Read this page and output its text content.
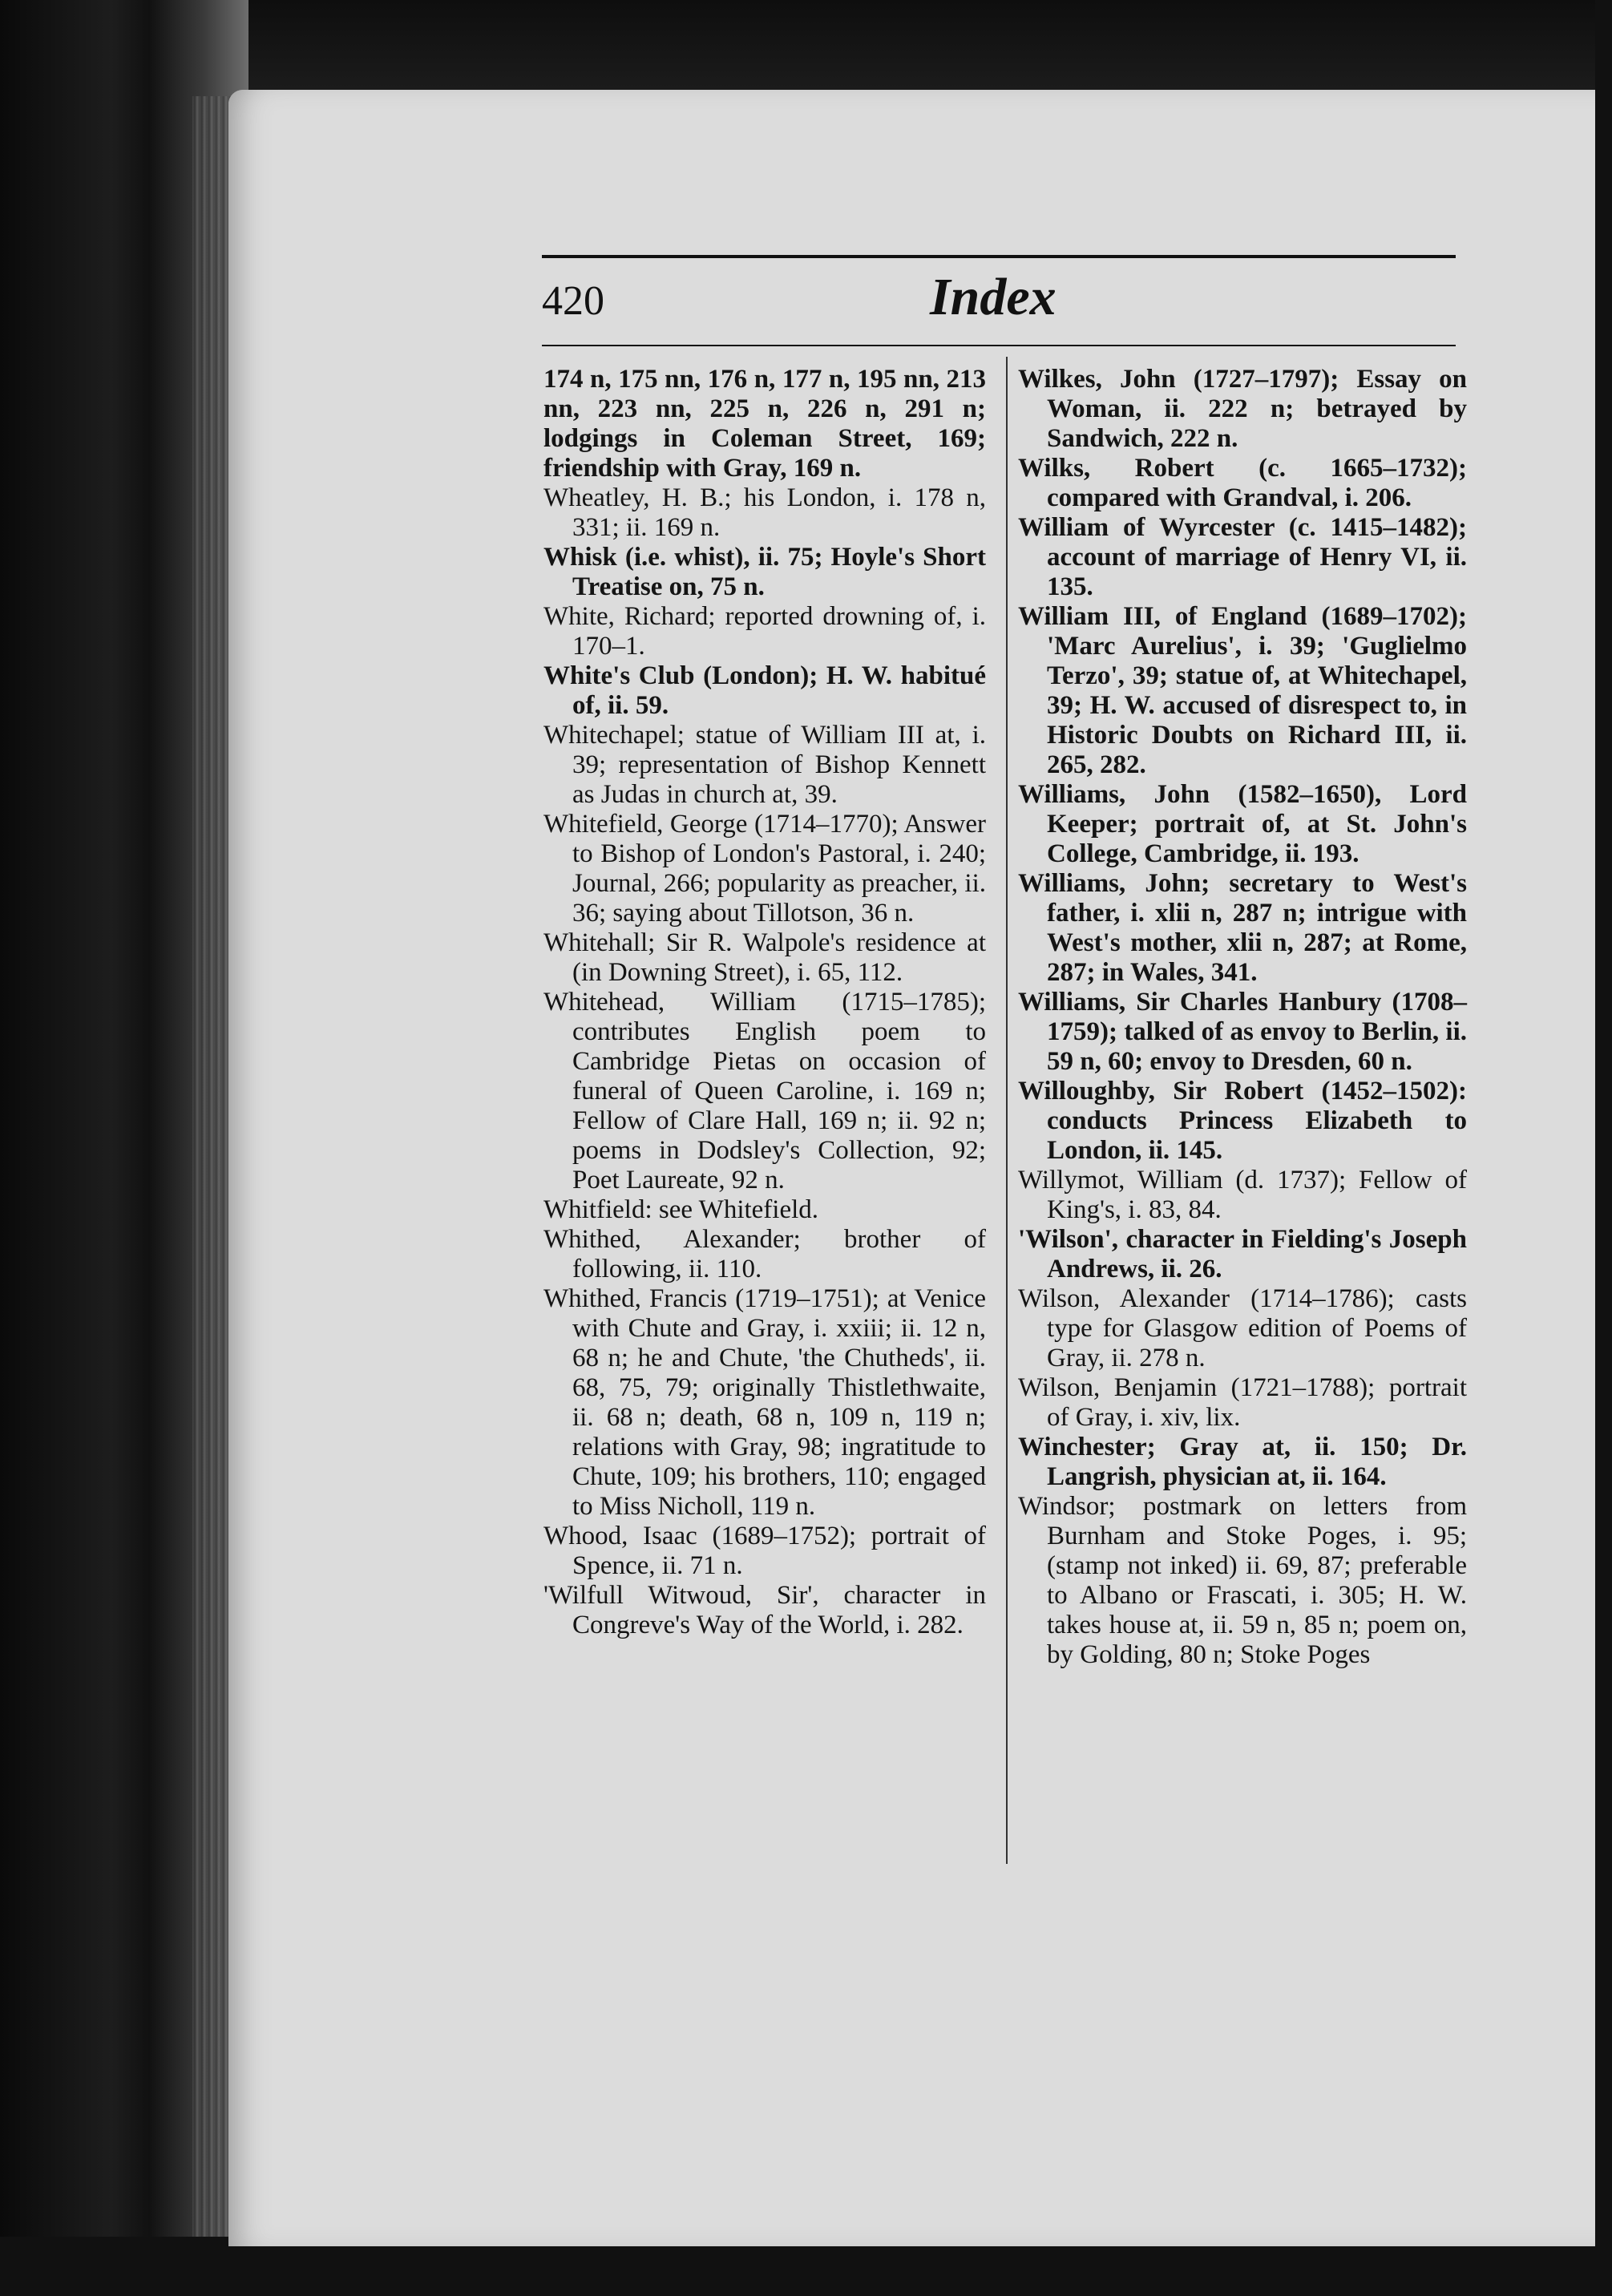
420	Index

174 n, 175 nn, 176 n, 177 n, 195 nn, 213 nn, 223 nn, 225 n, 226 n, 291 n; lodgings in Coleman Street, 169; friendship with Gray, 169 n.

Wheatley, H. B.; his London, i. 178 n, 331; ii. 169 n.

Whisk (i.e. whist), ii. 75; Hoyle's Short Treatise on, 75 n.

White, Richard; reported drowning of, i. 170–1.

White's Club (London); H. W. habitué of, ii. 59.

Whitechapel; statue of William III at, i. 39; representation of Bishop Kennett as Judas in church at, 39.

Whitefield, George (1714–1770); Answer to Bishop of London's Pastoral, i. 240; Journal, 266; popularity as preacher, ii. 36; saying about Tillotson, 36 n.

Whitehall; Sir R. Walpole's residence at (in Downing Street), i. 65, 112.

Whitehead, William (1715–1785); contributes English poem to Cambridge Pietas on occasion of funeral of Queen Caroline, i. 169 n; Fellow of Clare Hall, 169 n; ii. 92 n; poems in Dodsley's Collection, 92; Poet Laureate, 92 n.

Whitfield: see Whitefield.

Whithed, Alexander; brother of following, ii. 110.

Whithed, Francis (1719–1751); at Venice with Chute and Gray, i. xxiii; ii. 12 n, 68 n; he and Chute, 'the Chutheds', ii. 68, 75, 79; originally Thistlethwaite, ii. 68 n; death, 68 n, 109 n, 119 n; relations with Gray, 98; ingratitude to Chute, 109; his brothers, 110; engaged to Miss Nicholl, 119 n.

Whood, Isaac (1689–1752); portrait of Spence, ii. 71 n.

'Wilfull Witwoud, Sir', character in Congreve's Way of the World, i. 282.

Wilkes, John (1727–1797); Essay on Woman, ii. 222 n; betrayed by Sandwich, 222 n.

Wilks, Robert (c. 1665–1732); compared with Grandval, i. 206.

William of Wyrcester (c. 1415–1482); account of marriage of Henry VI, ii. 135.

William III, of England (1689–1702); 'Marc Aurelius', i. 39; 'Guglielmo Terzo', 39; statue of, at Whitechapel, 39; H. W. accused of disrespect to, in Historic Doubts on Richard III, ii. 265, 282.

Williams, John (1582–1650), Lord Keeper; portrait of, at St. John's College, Cambridge, ii. 193.

Williams, John; secretary to West's father, i. xlii n, 287 n; intrigue with West's mother, xlii n, 287; at Rome, 287; in Wales, 341.

Williams, Sir Charles Hanbury (1708–1759); talked of as envoy to Berlin, ii. 59 n, 60; envoy to Dresden, 60 n.

Willoughby, Sir Robert (1452–1502): conducts Princess Elizabeth to London, ii. 145.

Willymot, William (d. 1737); Fellow of King's, i. 83, 84.

'Wilson', character in Fielding's Joseph Andrews, ii. 26.

Wilson, Alexander (1714–1786); casts type for Glasgow edition of Poems of Gray, ii. 278 n.

Wilson, Benjamin (1721–1788); portrait of Gray, i. xiv, lix.

Winchester; Gray at, ii. 150; Dr. Langrish, physician at, ii. 164.

Windsor; postmark on letters from Burnham and Stoke Poges, i. 95; (stamp not inked) ii. 69, 87; preferable to Albano or Frascati, i. 305; H. W. takes house at, ii. 59 n, 85 n; poem on, by Golding, 80 n; Stoke Poges
